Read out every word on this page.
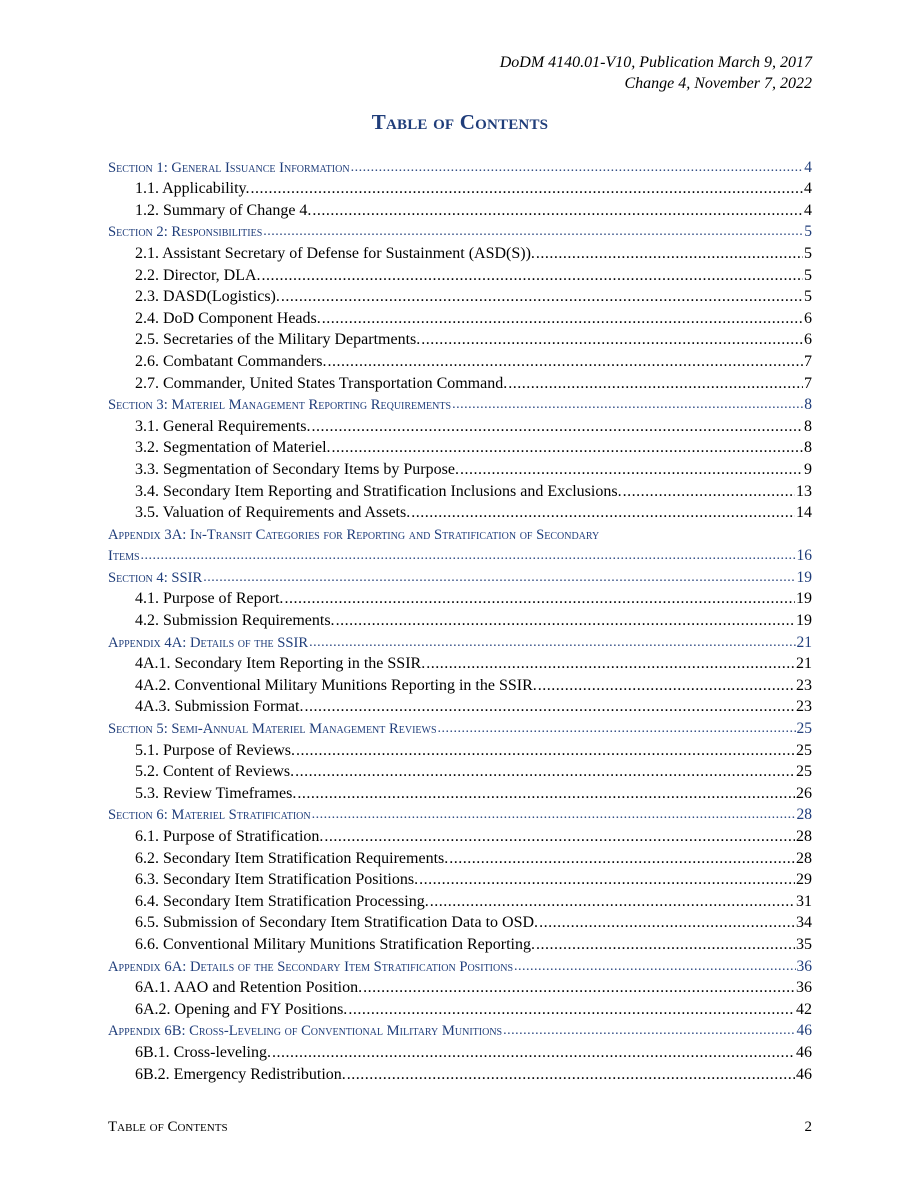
DoDM 4140.01-V10, Publication March 9, 2017
Change 4, November 7, 2022
Table of Contents
Section 1: General Issuance Information .....	4
1.1. Applicability. .....	4
1.2. Summary of Change 4. .....	4
Section 2: Responsibilities .....	5
2.1. Assistant Secretary of Defense for Sustainment (ASD(S)). .....	5
2.2. Director, DLA. .....	5
2.3. DASD(Logistics). .....	5
2.4. DoD Component Heads. .....	6
2.5. Secretaries of the Military Departments. .....	6
2.6. Combatant Commanders. .....	7
2.7. Commander, United States Transportation Command. .....	7
Section 3: Materiel Management Reporting Requirements .....	8
3.1. General Requirements. .....	8
3.2. Segmentation of Materiel. .....	8
3.3. Segmentation of Secondary Items by Purpose. .....	9
3.4. Secondary Item Reporting and Stratification Inclusions and Exclusions. .....	13
3.5. Valuation of Requirements and Assets. .....	14
Appendix 3A: In-Transit Categories for Reporting and Stratification of Secondary
Items .....	16
Section 4: SSIR .....	19
4.1. Purpose of Report. .....	19
4.2. Submission Requirements. .....	19
Appendix 4A: Details of the SSIR .....	21
4A.1. Secondary Item Reporting in the SSIR. .....	21
4A.2. Conventional Military Munitions Reporting in the SSIR. .....	23
4A.3. Submission Format. .....	23
Section 5: Semi-Annual Materiel Management Reviews .....	25
5.1. Purpose of Reviews. .....	25
5.2. Content of Reviews. .....	25
5.3. Review Timeframes. .....	26
Section 6: Materiel Stratification .....	28
6.1. Purpose of Stratification. .....	28
6.2. Secondary Item Stratification Requirements. .....	28
6.3. Secondary Item Stratification Positions. .....	29
6.4. Secondary Item Stratification Processing. .....	31
6.5. Submission of Secondary Item Stratification Data to OSD. .....	34
6.6. Conventional Military Munitions Stratification Reporting. .....	35
Appendix 6A: Details of the Secondary Item Stratification Positions .....	36
6A.1. AAO and Retention Position. .....	36
6A.2. Opening and FY Positions. .....	42
Appendix 6B: Cross-Leveling of Conventional Military Munitions .....	46
6B.1. Cross-leveling. .....	46
6B.2. Emergency Redistribution. .....	46
Table of Contents	2
